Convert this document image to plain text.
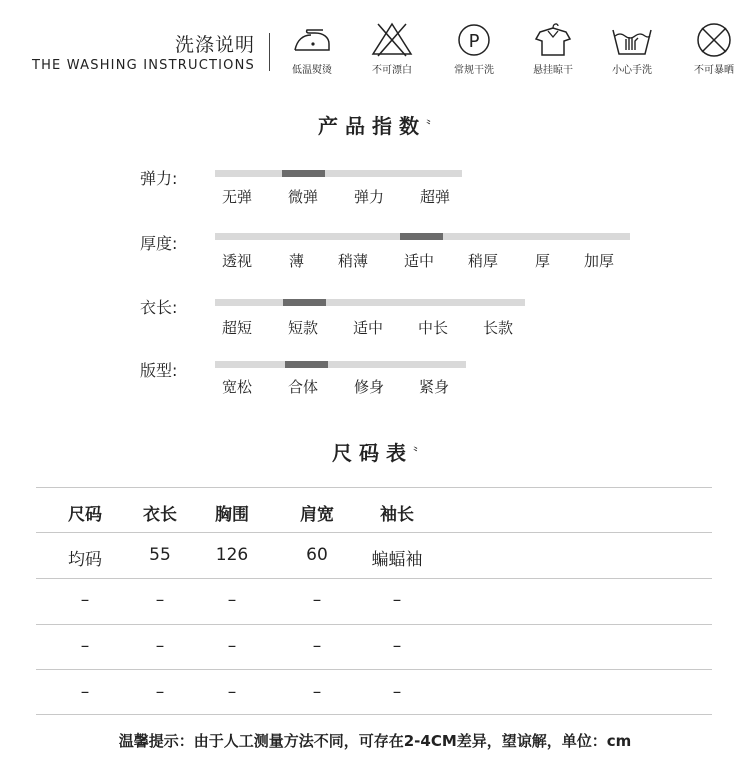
洗涤说明
THE WASHING INSTRUCTIONS	低温熨烫	不可漂白
P
常规干洗	悬挂晾干	小心手洗	不可暴晒
产品指数〟
弹力:
无弹 微弹 弹力 超弹
厚度:
透视 薄 稍薄 适中 稍厚 厚 加厚
衣长:
超短 短款 适中 中长 长款
版型:
宽松 合体 修身 紧身
尺码表〟
尺码 衣长 胸围	肩宽	袖长
均码	55	126	60	蝙蝠袖
–	–	–	–	–
–	–	–	–	–
–	–	–	–	–
温馨提示：由于人工测量方法不同，可存在2-4CM差异，望谅解，单位：cm
